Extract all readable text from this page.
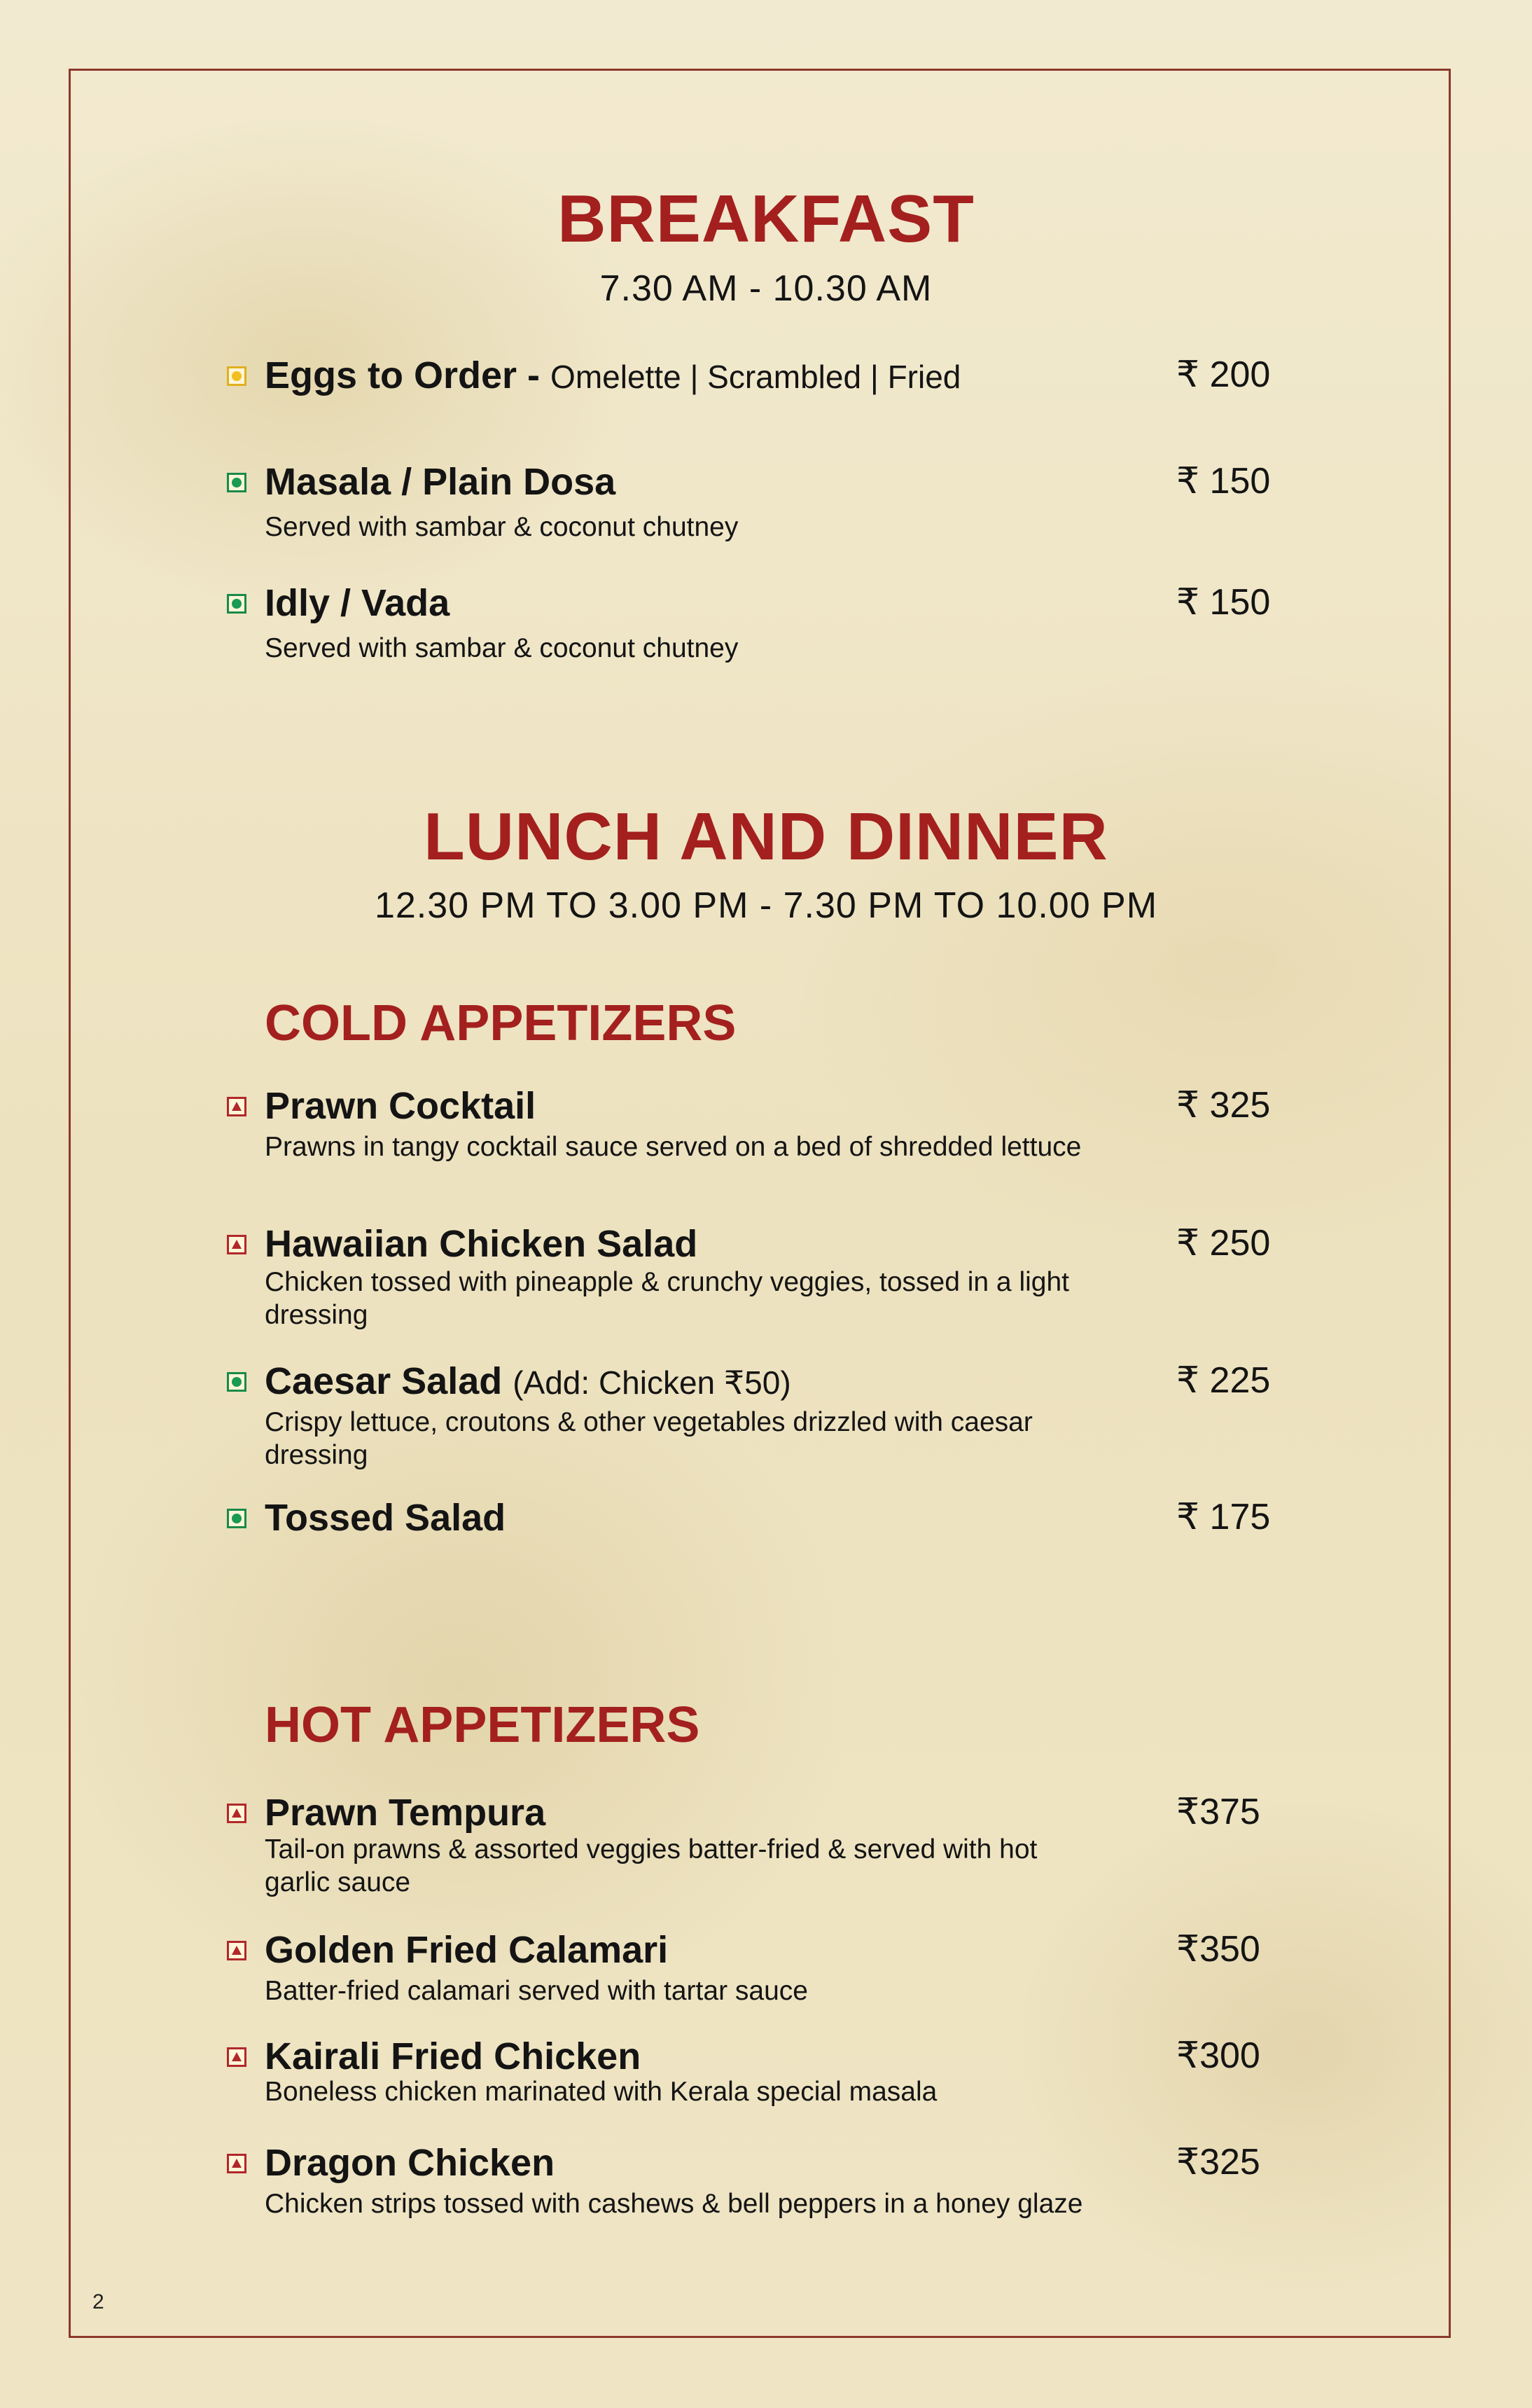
BREAKFAST
7.30 AM - 10.30 AM
Eggs to Order - Omelette | Scrambled | Fried	₹ 200
Masala / Plain Dosa
Served with sambar & coconut chutney
₹ 150
Idly / Vada
Served with sambar & coconut chutney
₹ 150
LUNCH AND DINNER
12.30 PM TO 3.00 PM - 7.30 PM TO 10.00 PM
COLD APPETIZERS
Prawn Cocktail
Prawns in tangy cocktail sauce served on a bed of shredded lettuce
₹ 325
Hawaiian Chicken Salad
Chicken tossed with pineapple & crunchy veggies, tossed in a light dressing
₹ 250
Caesar Salad (Add: Chicken ₹50)
Crispy lettuce, croutons & other vegetables drizzled with caesar dressing
₹ 225
Tossed Salad	₹ 175
HOT APPETIZERS
Prawn Tempura
Tail-on prawns & assorted veggies batter-fried & served with hot garlic sauce
₹375
Golden Fried Calamari
Batter-fried calamari served with tartar sauce
₹350
Kairali Fried Chicken
Boneless chicken marinated with Kerala special masala
₹300
Dragon Chicken
Chicken strips tossed with cashews & bell peppers in a honey glaze
₹325
2
